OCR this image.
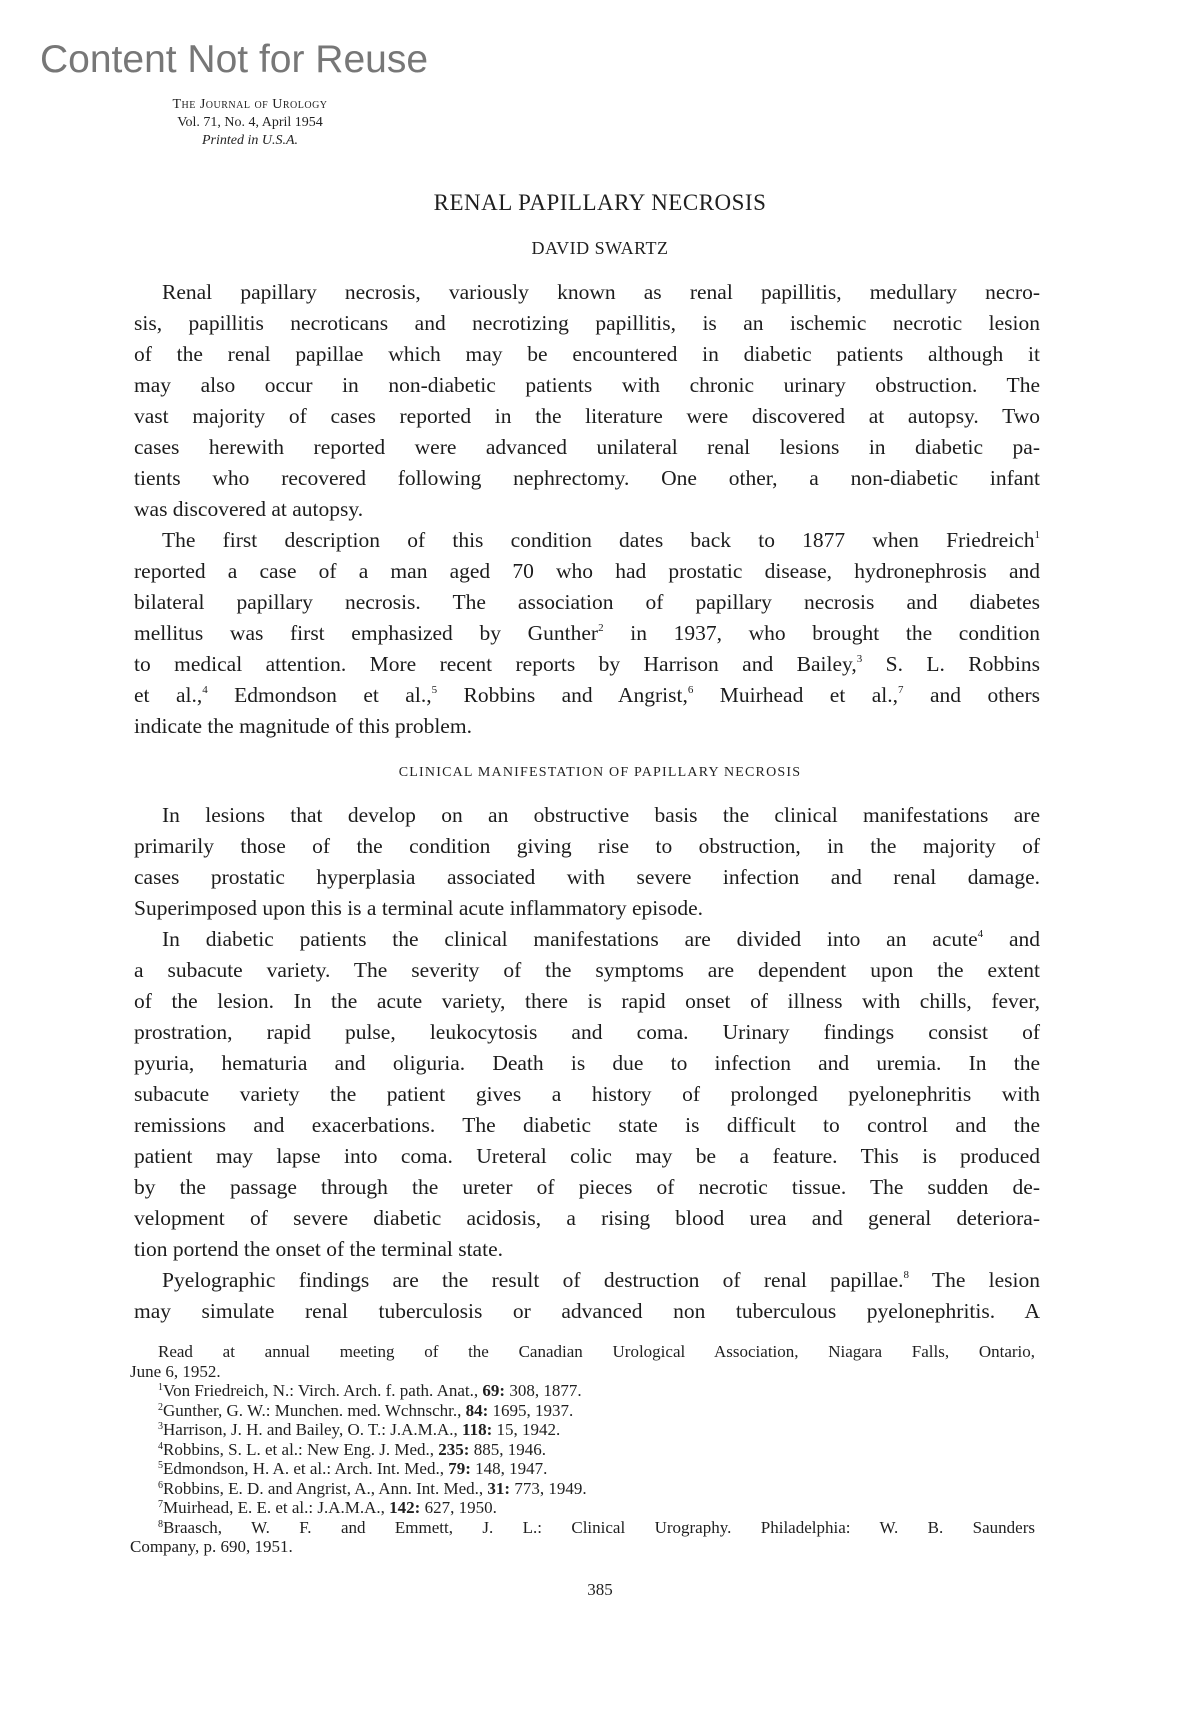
Content Not for Reuse
The Journal of Urology
Vol. 71, No. 4, April 1954
Printed in U.S.A.
RENAL PAPILLARY NECROSIS
DAVID SWARTZ
Renal papillary necrosis, variously known as renal papillitis, medullary necro-
sis, papillitis necroticans and necrotizing papillitis, is an ischemic necrotic lesion
of the renal papillae which may be encountered in diabetic patients although it
may also occur in non-diabetic patients with chronic urinary obstruction. The
vast majority of cases reported in the literature were discovered at autopsy. Two
cases herewith reported were advanced unilateral renal lesions in diabetic pa-
tients who recovered following nephrectomy. One other, a non-diabetic infant
was discovered at autopsy.
The first description of this condition dates back to 1877 when Friedreich$^1$
reported a case of a man aged 70 who had prostatic disease, hydronephrosis and
bilateral papillary necrosis. The association of papillary necrosis and diabetes
mellitus was first emphasized by Gunther$^2$ in 1937, who brought the condition
to medical attention. More recent reports by Harrison and Bailey,$^3$ S. L. Robbins
et al.,$^4$ Edmondson et al.,$^5$ Robbins and Angrist,$^6$ Muirhead et al.,$^7$ and others
indicate the magnitude of this problem.
CLINICAL MANIFESTATION OF PAPILLARY NECROSIS
In lesions that develop on an obstructive basis the clinical manifestations are
primarily those of the condition giving rise to obstruction, in the majority of
cases prostatic hyperplasia associated with severe infection and renal damage.
Superimposed upon this is a terminal acute inflammatory episode.
In diabetic patients the clinical manifestations are divided into an acute$^4$ and
a subacute variety. The severity of the symptoms are dependent upon the extent
of the lesion. In the acute variety, there is rapid onset of illness with chills, fever,
prostration, rapid pulse, leukocytosis and coma. Urinary findings consist of
pyuria, hematuria and oliguria. Death is due to infection and uremia. In the
subacute variety the patient gives a history of prolonged pyelonephritis with
remissions and exacerbations. The diabetic state is difficult to control and the
patient may lapse into coma. Ureteral colic may be a feature. This is produced
by the passage through the ureter of pieces of necrotic tissue. The sudden de-
velopment of severe diabetic acidosis, a rising blood urea and general deteriora-
tion portend the onset of the terminal state.
Pyelographic findings are the result of destruction of renal papillae.$^8$ The lesion
may simulate renal tuberculosis or advanced non tuberculous pyelonephritis. A
Read at annual meeting of the Canadian Urological Association, Niagara Falls, Ontario,
June 6, 1952.
$^1$Von Friedreich, N.: Virch. Arch. f. path. Anat., 69: 308, 1877.
$^2$Gunther, G. W.: Munchen. med. Wchnschr., 84: 1695, 1937.
$^3$Harrison, J. H. and Bailey, O. T.: J.A.M.A., 118: 15, 1942.
$^4$Robbins, S. L. et al.: New Eng. J. Med., 235: 885, 1946.
$^5$Edmondson, H. A. et al.: Arch. Int. Med., 79: 148, 1947.
$^6$Robbins, E. D. and Angrist, A., Ann. Int. Med., 31: 773, 1949.
$^7$Muirhead, E. E. et al.: J.A.M.A., 142: 627, 1950.
$^8$Braasch, W. F. and Emmett, J. L.: Clinical Urography. Philadelphia: W. B. Saunders
Company, p. 690, 1951.
385
